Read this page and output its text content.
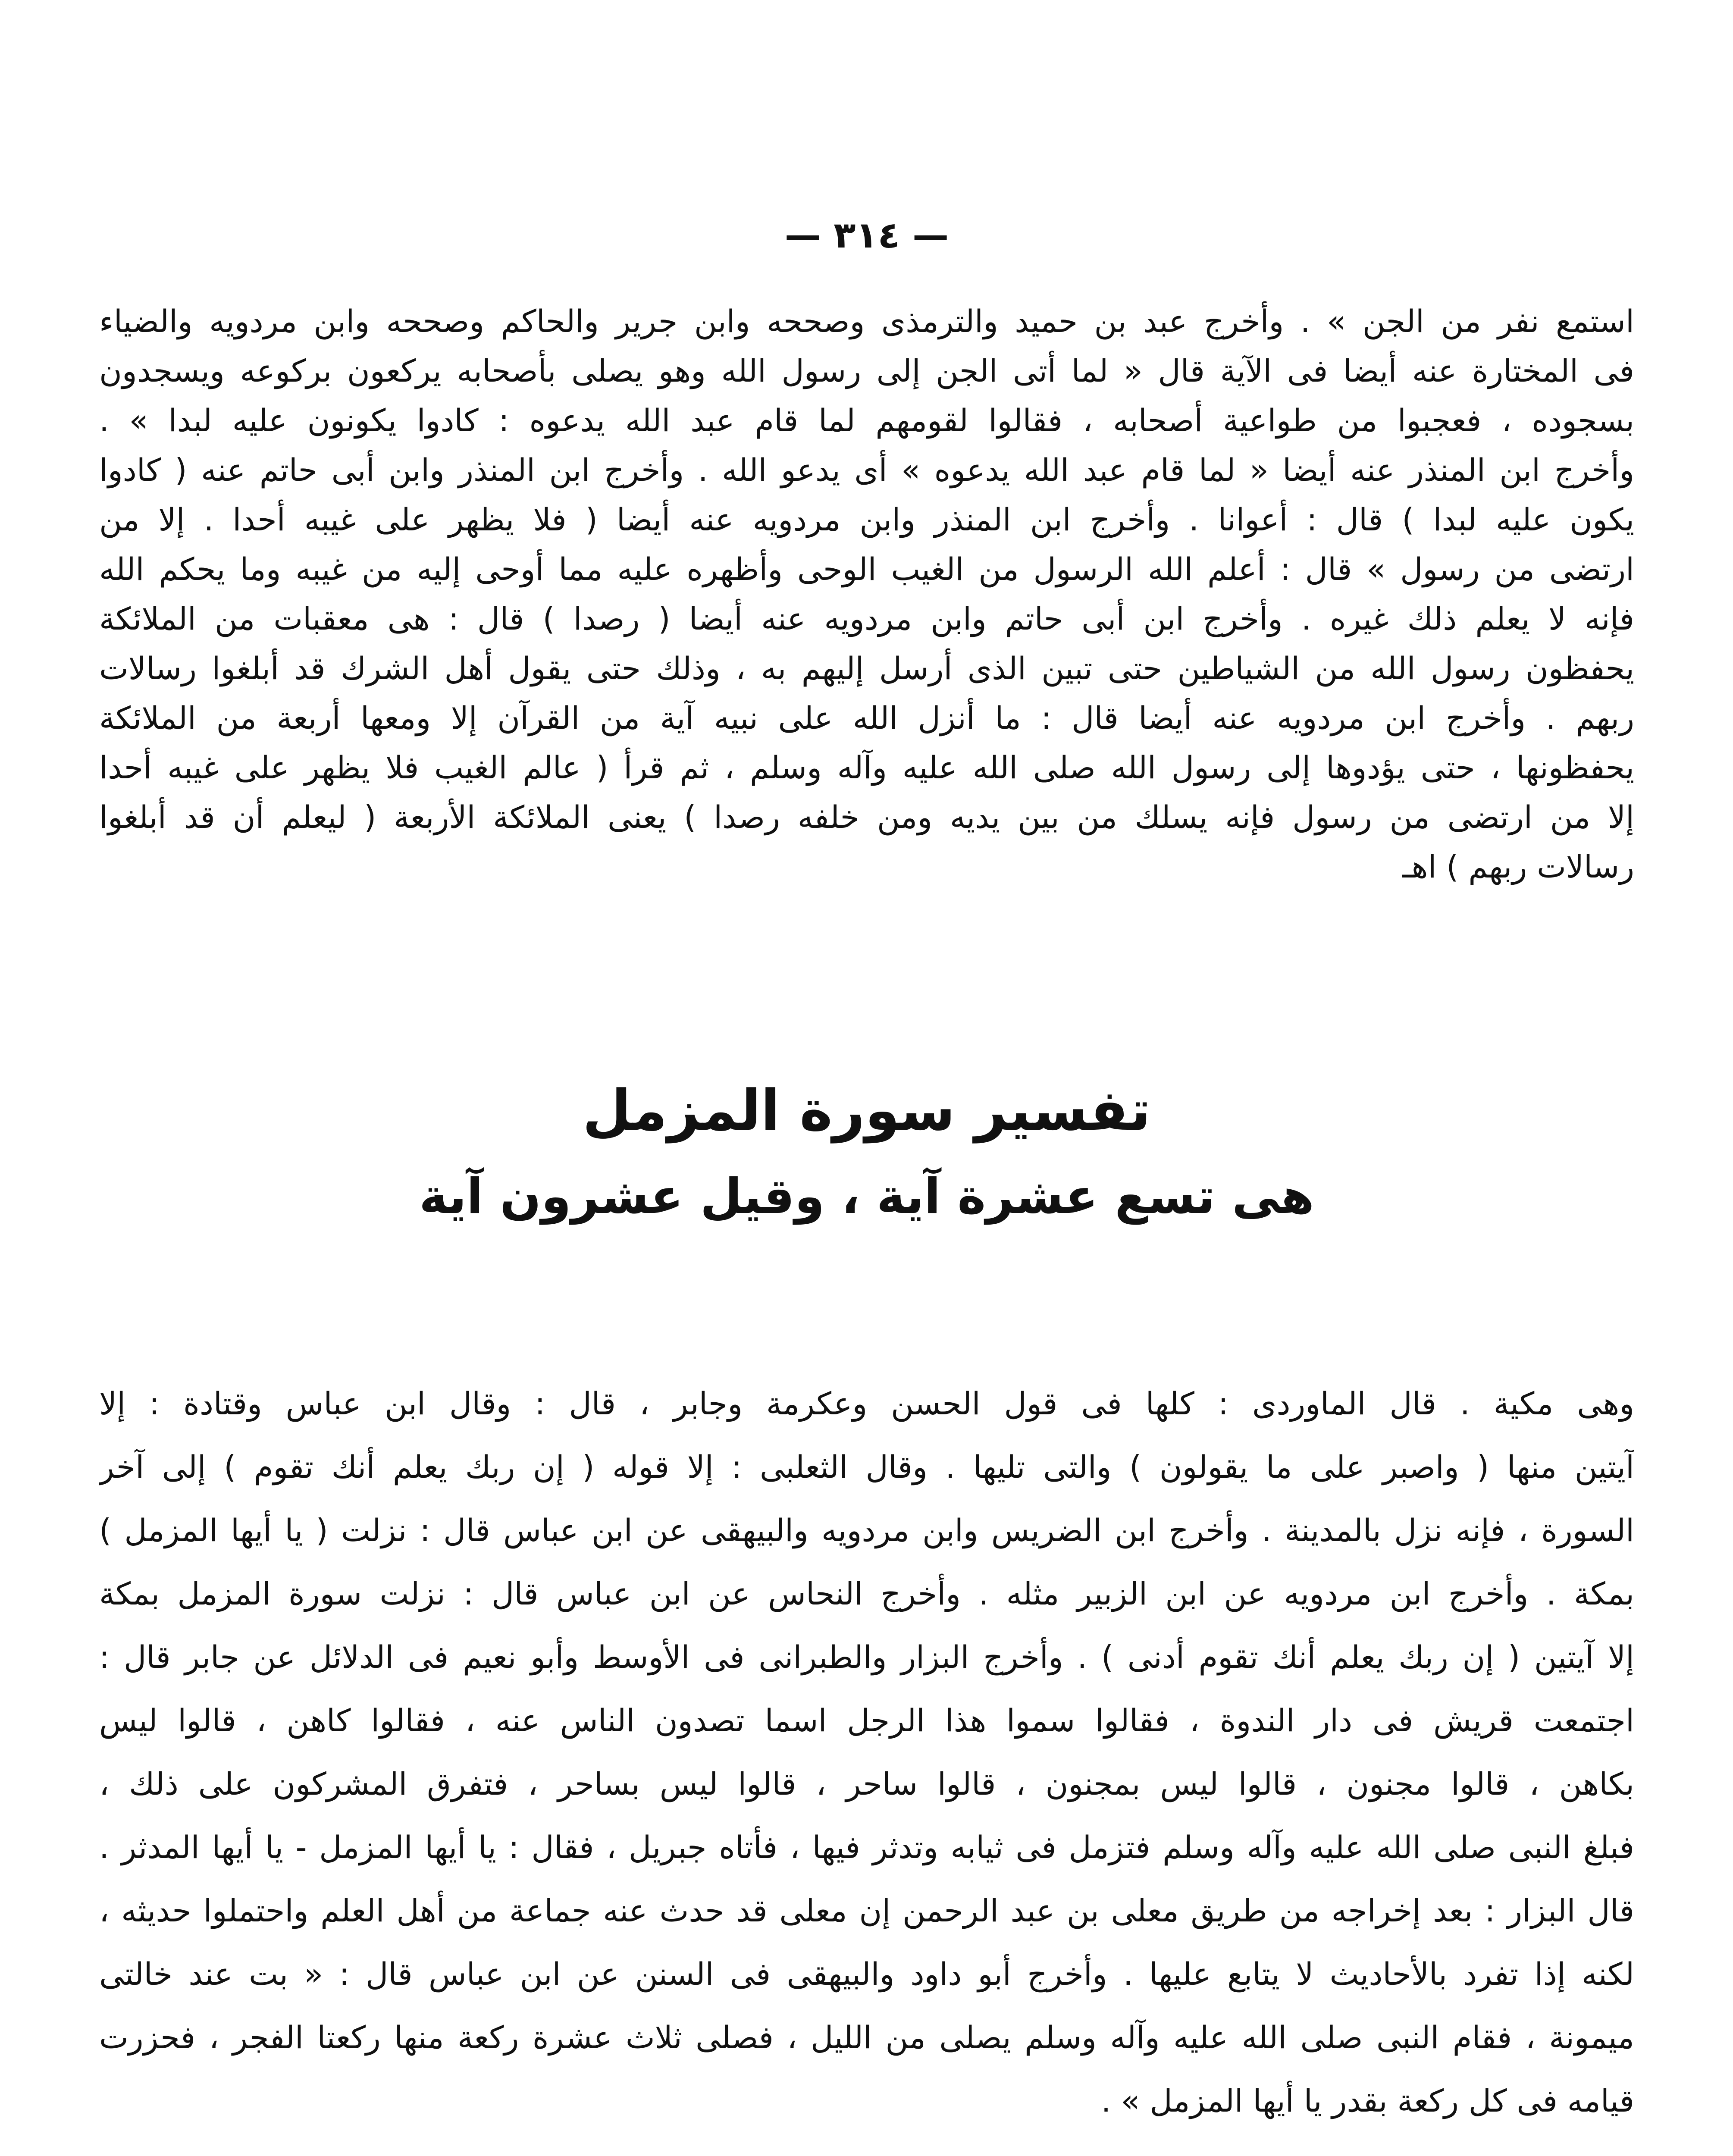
— ٣١٤ —
استمع نفر من الجن » . وأخرج عبد بن حميد والترمذى وصححه وابن جرير والحاكم وصححه وابن مردويه والضياء
فى المختارة عنه أيضا فى الآية قال « لما أتى الجن إلى رسول الله وهو يصلى بأصحابه يركعون بركوعه ويسجدون
بسجوده ، فعجبوا من طواعية أصحابه ، فقالوا لقومهم لما قام عبد الله يدعوه : كادوا يكونون عليه لبدا » .
وأخرج ابن المنذر عنه أيضا « لما قام عبد الله يدعوه » أى يدعو الله . وأخرج ابن المنذر وابن أبى حاتم عنه ( كادوا
يكون عليه لبدا ) قال : أعوانا . وأخرج ابن المنذر وابن مردويه عنه أيضا ( فلا يظهر على غيبه أحدا . إلا من
ارتضى من رسول » قال : أعلم الله الرسول من الغيب الوحى وأظهره عليه مما أوحى إليه من غيبه وما يحكم الله
فإنه لا يعلم ذلك غيره . وأخرج ابن أبى حاتم وابن مردويه عنه أيضا ( رصدا ) قال : هى معقبات من الملائكة
يحفظون رسول الله من الشياطين حتى تبين الذى أرسل إليهم به ، وذلك حتى يقول أهل الشرك قد أبلغوا رسالات
ربهم . وأخرج ابن مردويه عنه أيضا قال : ما أنزل الله على نبيه آية من القرآن إلا ومعها أربعة من الملائكة
يحفظونها ، حتى يؤدوها إلى رسول الله صلى الله عليه وآله وسلم ، ثم قرأ ( عالم الغيب فلا يظهر على غيبه أحدا
إلا من ارتضى من رسول فإنه يسلك من بين يديه ومن خلفه رصدا ) يعنى الملائكة الأربعة ( ليعلم أن قد أبلغوا
رسالات ربهم ) اهـ
تفسير سورة المزمل
هى تسع عشرة آية ، وقيل عشرون آية
وهى مكية . قال الماوردى : كلها فى قول الحسن وعكرمة وجابر ، قال : وقال ابن عباس وقتادة : إلا
آيتين منها ( واصبر على ما يقولون ) والتى تليها . وقال الثعلبى : إلا قوله ( إن ربك يعلم أنك تقوم ) إلى آخر
السورة ، فإنه نزل بالمدينة . وأخرج ابن الضريس وابن مردويه والبيهقى عن ابن عباس قال : نزلت ( يا أيها المزمل )
بمكة . وأخرج ابن مردويه عن ابن الزبير مثله . وأخرج النحاس عن ابن عباس قال : نزلت سورة المزمل بمكة
إلا آيتين ( إن ربك يعلم أنك تقوم أدنى ) . وأخرج البزار والطبرانى فى الأوسط وأبو نعيم فى الدلائل عن جابر قال :
اجتمعت قريش فى دار الندوة ، فقالوا سموا هذا الرجل اسما تصدون الناس عنه ، فقالوا كاهن ، قالوا ليس
بكاهن ، قالوا مجنون ، قالوا ليس بمجنون ، قالوا ساحر ، قالوا ليس بساحر ، فتفرق المشركون على ذلك ،
فبلغ النبى صلى الله عليه وآله وسلم فتزمل فى ثيابه وتدثر فيها ، فأتاه جبريل ، فقال : يا أيها المزمل - يا أيها المدثر .
قال البزار : بعد إخراجه من طريق معلى بن عبد الرحمن إن معلى قد حدث عنه جماعة من أهل العلم واحتملوا حديثه ،
لكنه إذا تفرد بالأحاديث لا يتابع عليها . وأخرج أبو داود والبيهقى فى السنن عن ابن عباس قال : « بت عند خالتى
ميمونة ، فقام النبى صلى الله عليه وآله وسلم يصلى من الليل ، فصلى ثلاث عشرة ركعة منها ركعتا الفجر ، فحزرت
قيامه فى كل ركعة بقدر يا أيها المزمل » .
